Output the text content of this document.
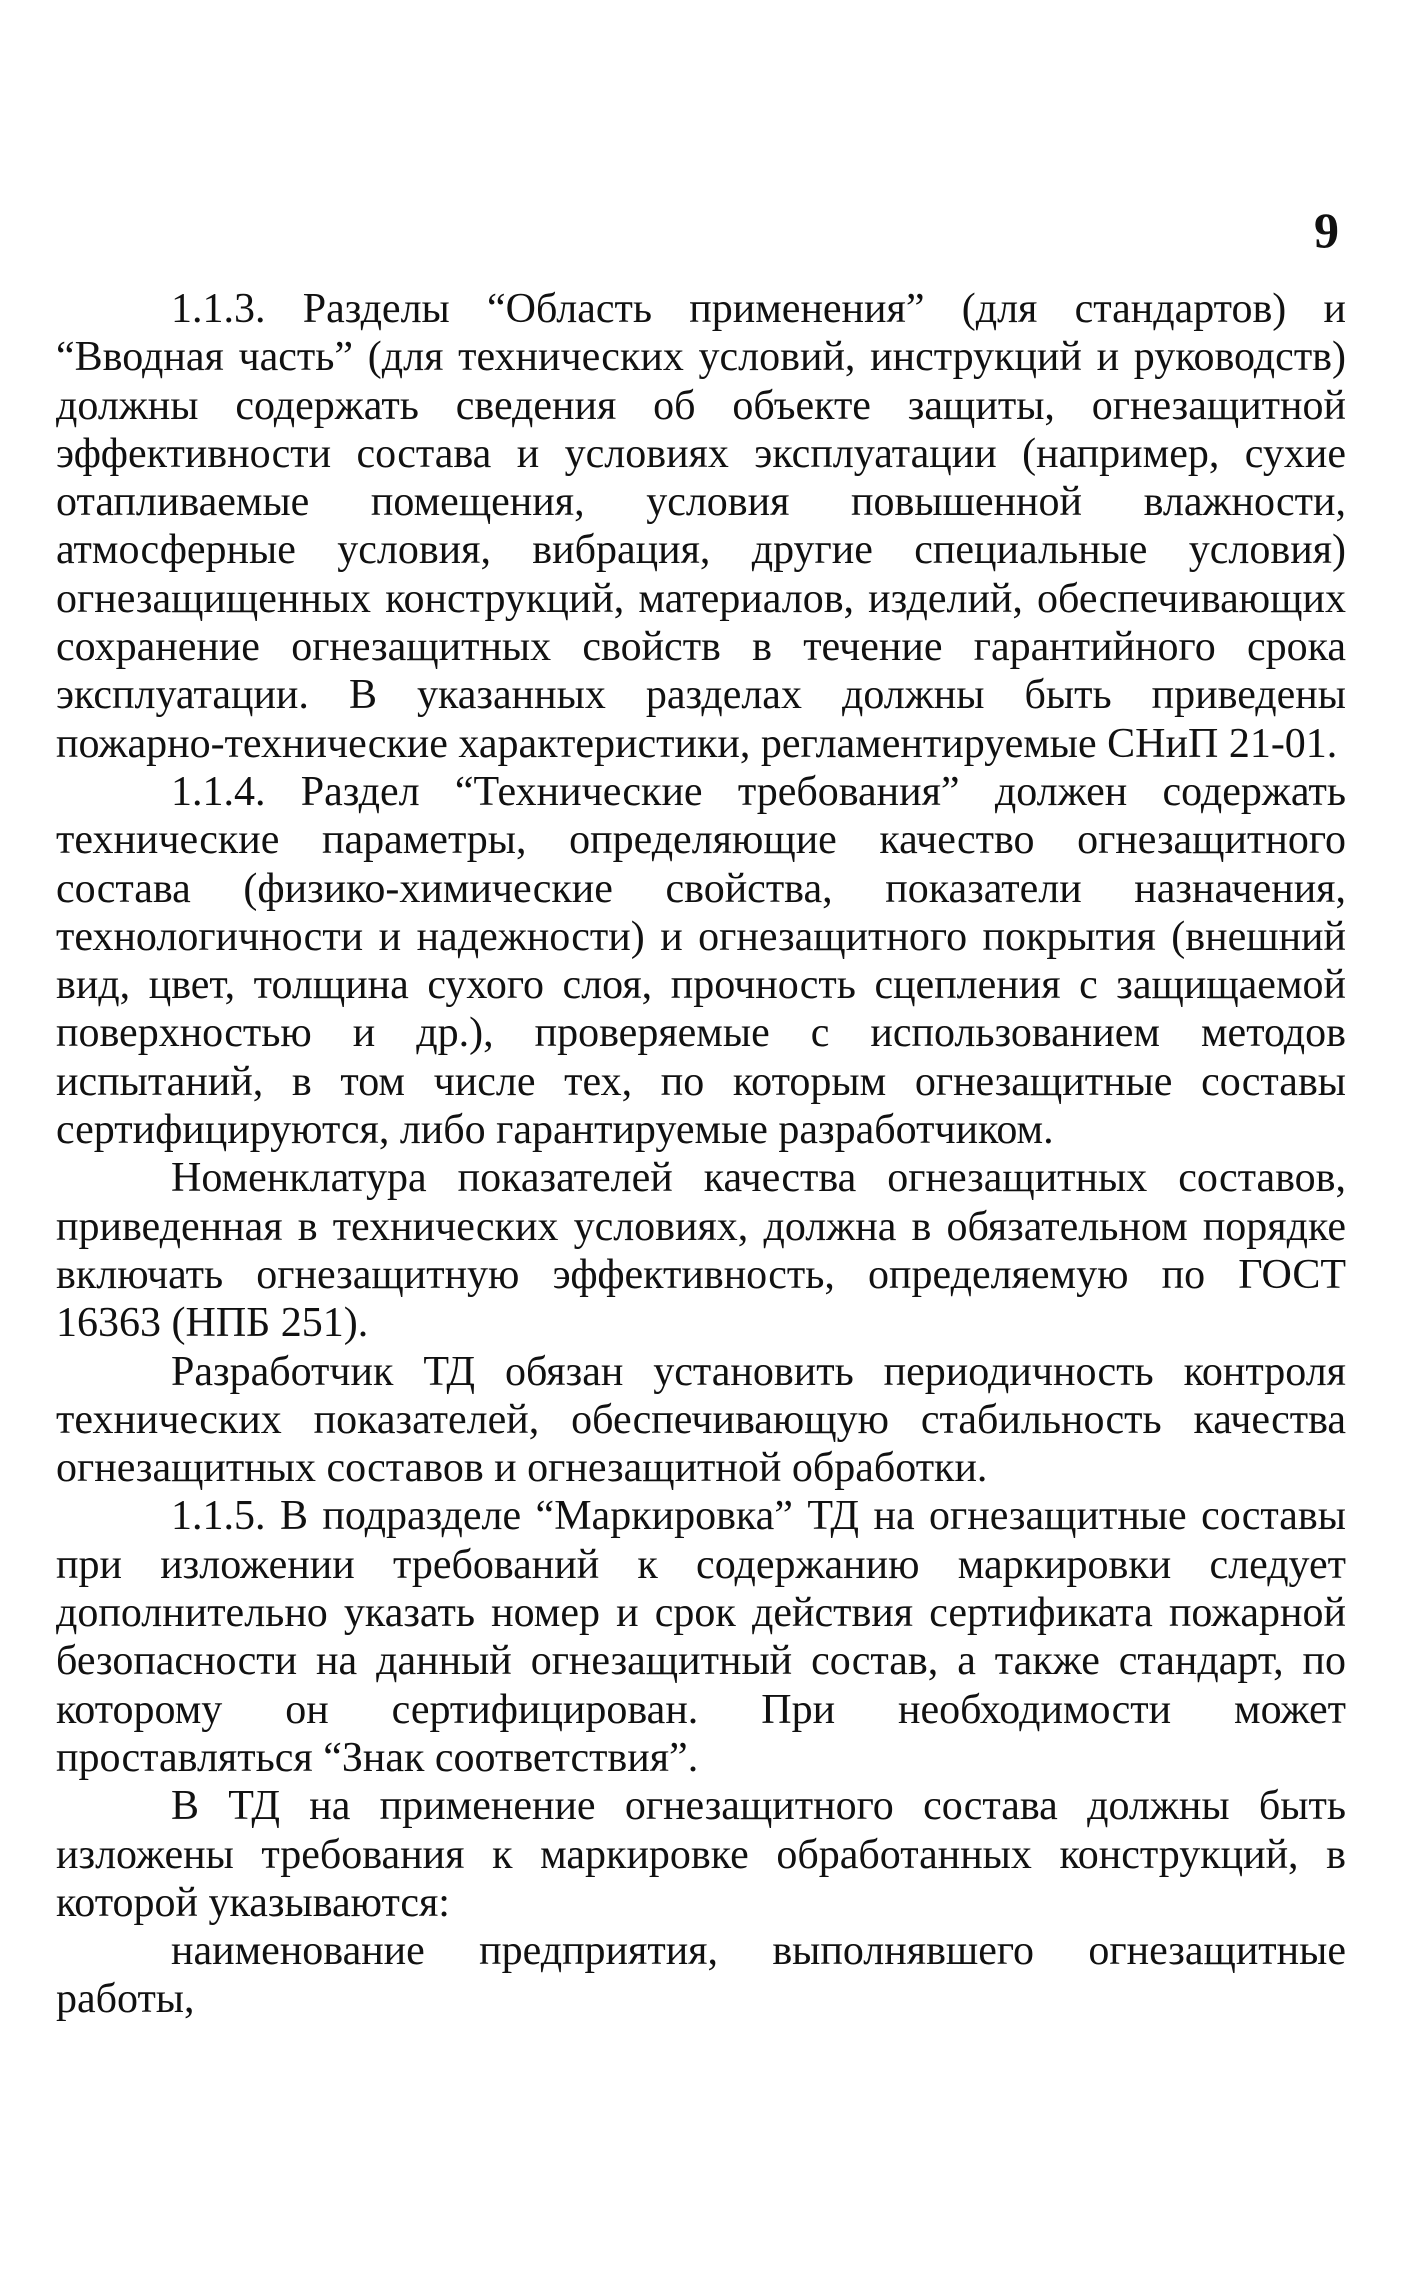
9

1.1.3. Разделы “Область применения” (для стандартов) и “Вводная часть” (для технических условий, инструкций и руководств) должны содержать сведения об объекте защиты, огнезащитной эффективности состава и условиях эксплуатации (например, сухие отапливаемые помещения, условия повышенной влажности, атмосферные условия, вибрация, другие специальные условия) огнезащищенных конструкций, материалов, изделий, обеспечивающих сохранение огнезащитных свойств в течение гарантийного срока эксплуатации. В указанных разделах должны быть приведены пожарно-технические характеристики, регламентируемые СНиП 21-01.

1.1.4. Раздел “Технические требования” должен содержать технические параметры, определяющие качество огнезащитного состава (физико-химические свойства, показатели назначения, технологичности и надежности) и огнезащитного покрытия (внешний вид, цвет, толщина сухого слоя, прочность сцепления с защищаемой поверхностью и др.), проверяемые с использованием методов испытаний, в том числе тех, по которым огнезащитные составы сертифицируются, либо гарантируемые разработчиком.

Номенклатура показателей качества огнезащитных составов, приведенная в технических условиях, должна в обязательном порядке включать огнезащитную эффективность, определяемую по ГОСТ 16363 (НПБ 251).

Разработчик ТД обязан установить периодичность контроля технических показателей, обеспечивающую стабильность качества огнезащитных составов и огнезащитной обработки.

1.1.5. В подразделе “Маркировка” ТД на огнезащитные составы при изложении требований к содержанию маркировки следует дополнительно указать номер и срок действия сертификата пожарной безопасности на данный огнезащитный состав, а также стандарт, по которому он сертифицирован. При необходимости может проставляться “Знак соответствия”.

В ТД на применение огнезащитного состава должны быть изложены требования к маркировке обработанных конструкций, в которой указываются:

наименование предприятия, выполнявшего огнезащитные работы,
